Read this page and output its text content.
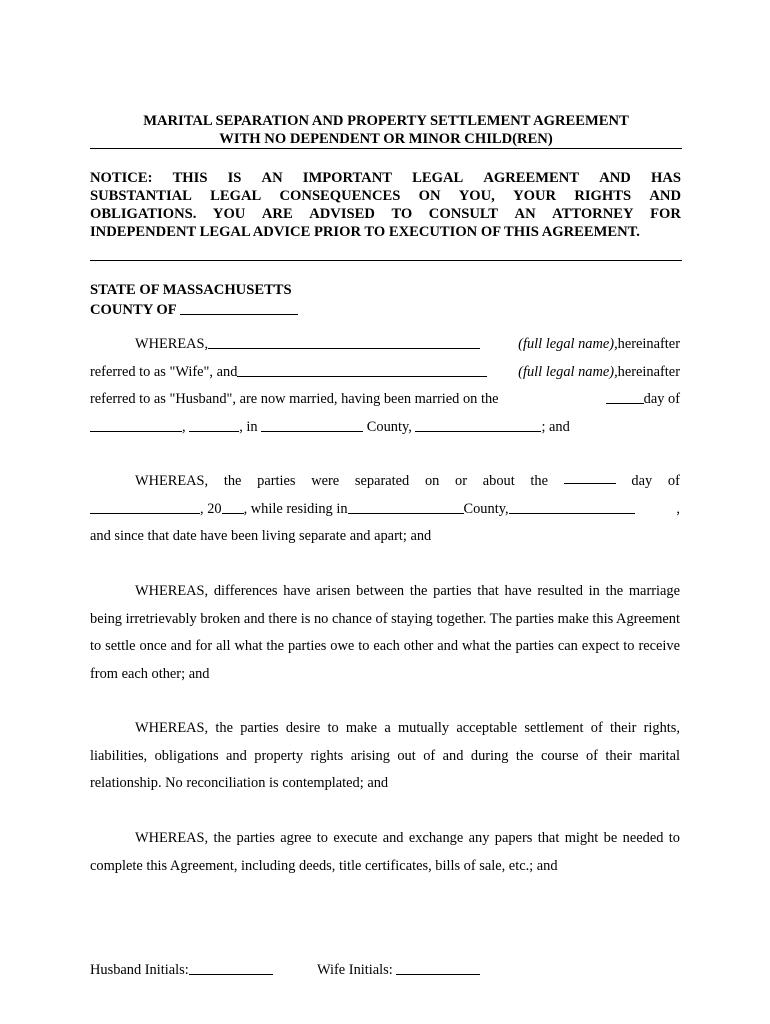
MARITAL SEPARATION AND PROPERTY SETTLEMENT AGREEMENT
WITH NO DEPENDENT OR MINOR CHILD(REN)
NOTICE: THIS IS AN IMPORTANT LEGAL AGREEMENT AND HAS
SUBSTANTIAL LEGAL CONSEQUENCES ON YOU, YOUR RIGHTS AND
OBLIGATIONS. YOU ARE ADVISED TO CONSULT AN ATTORNEY FOR
INDEPENDENT LEGAL ADVICE PRIOR TO EXECUTION OF THIS AGREEMENT.
STATE OF MASSACHUSETTS
COUNTY OF
WHEREAS,	(full legal name),hereinafter
referred to as "Wife", and	(full legal name),hereinafter
referred to as "Husband", are now married, having been married on the	day of
,	, in	County,	; and
WHEREAS, the parties were separated on or about the	day of
, 20 , while residing in	County,	,
and since that date have been living separate and apart; and

WHEREAS, differences have arisen between the parties that have resulted in the marriage being irretrievably broken and there is no chance of staying together. The parties make this Agreement to settle once and for all what the parties owe to each other and what the parties can expect to receive from each other; and

WHEREAS, the parties desire to make a mutually acceptable settlement of their rights, liabilities, obligations and property rights arising out of and during the course of their marital relationship. No reconciliation is contemplated; and

WHEREAS, the parties agree to execute and exchange any papers that might be needed to complete this Agreement, including deeds, title certificates, bills of sale, etc.; and

Husband Initials:	Wife Initials:
